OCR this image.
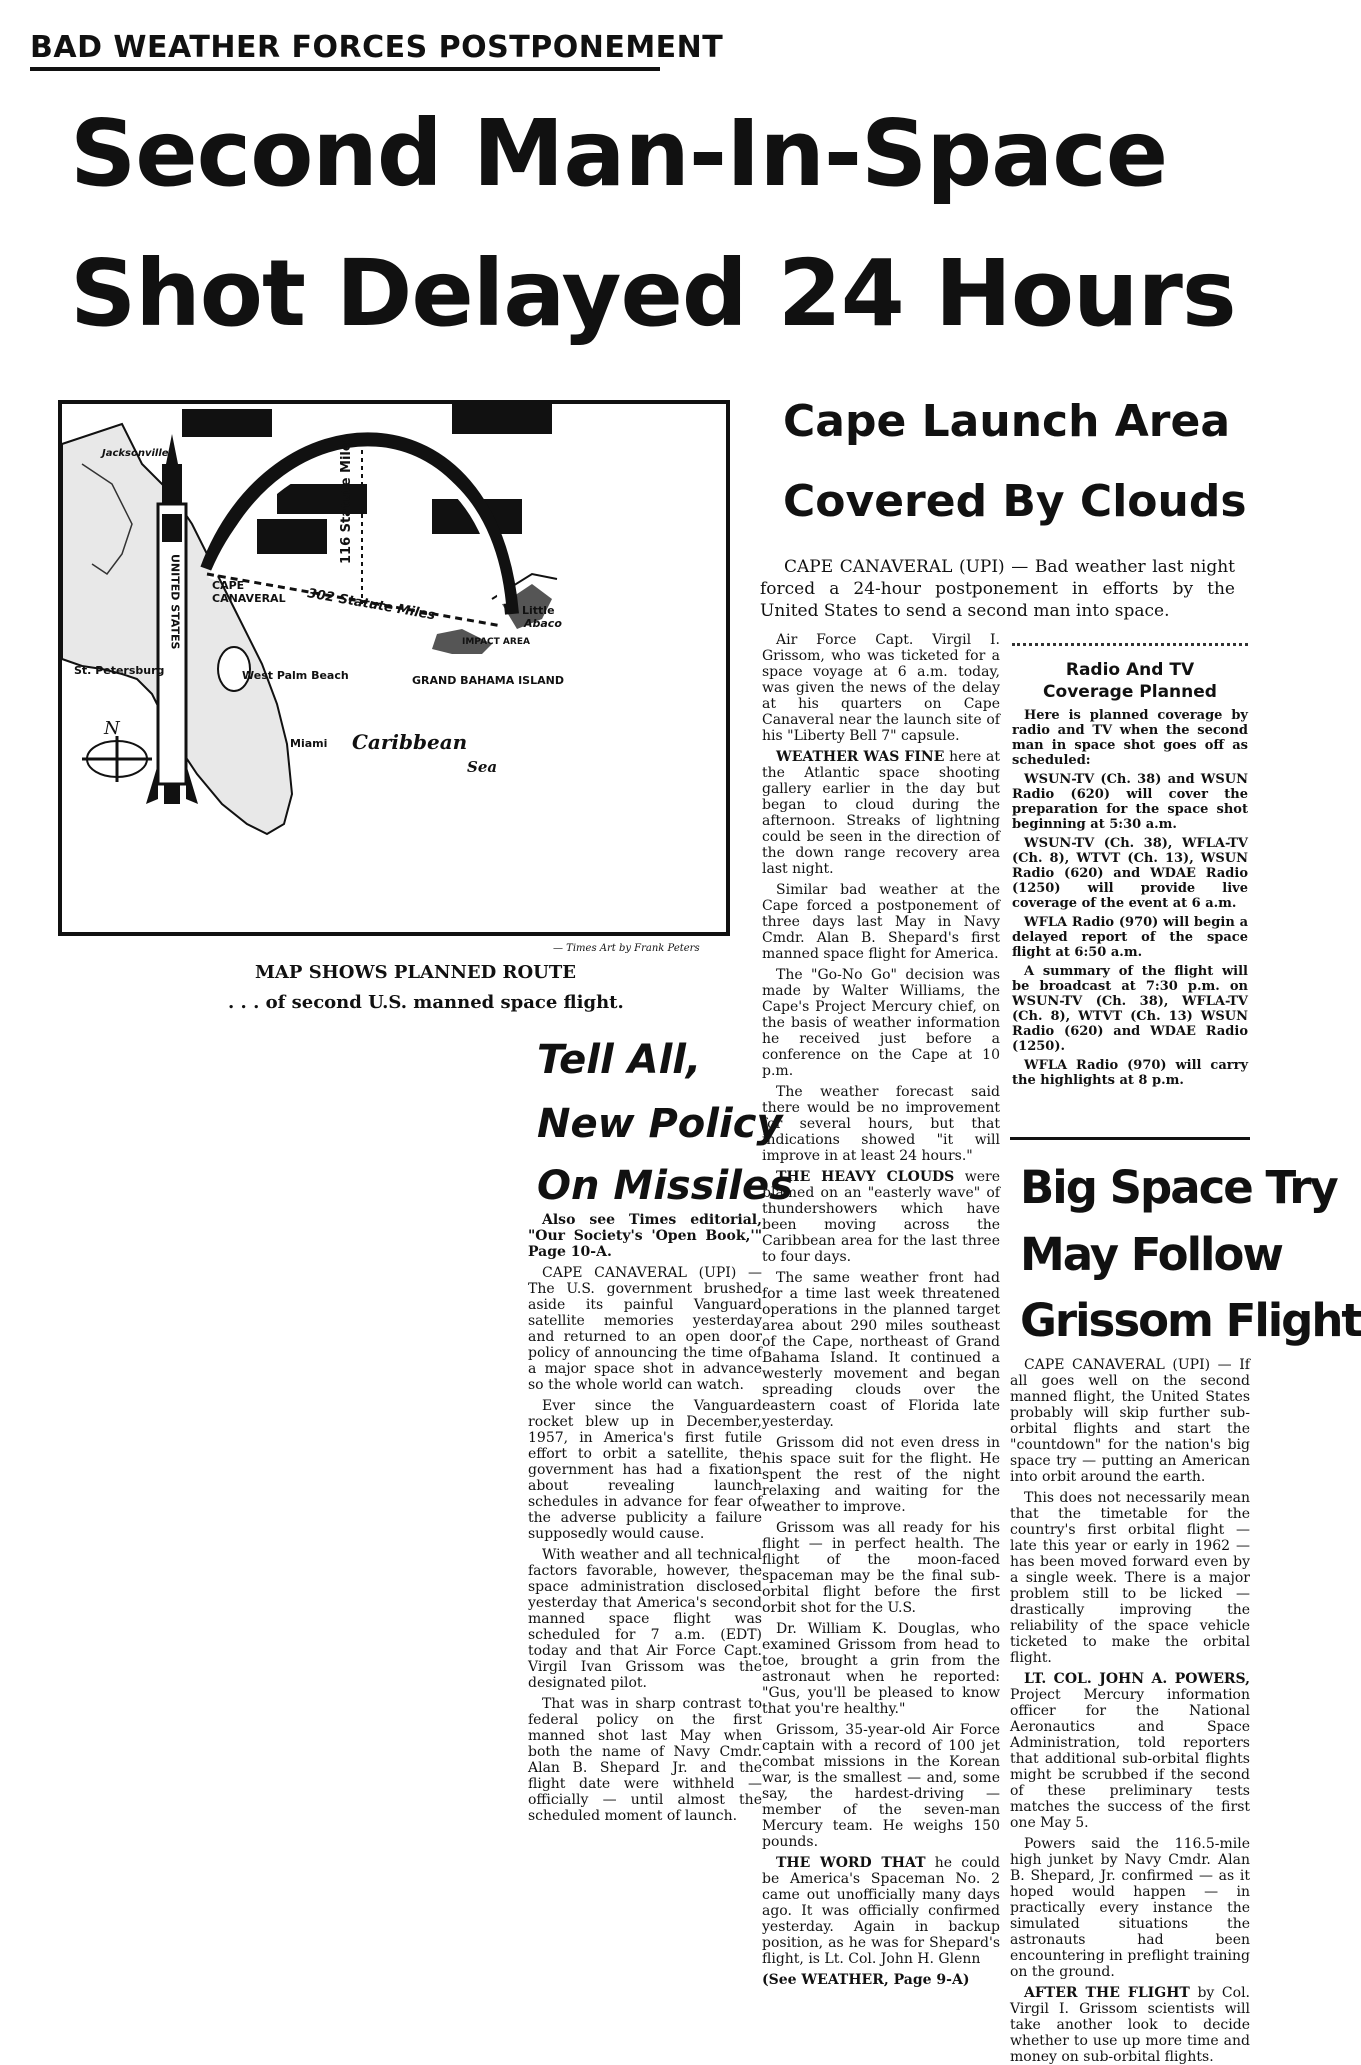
BAD WEATHER FORCES POSTPONEMENT
Second Man-In-Space
Shot Delayed 24 Hours
UNITED STATES
N
CAPE
CANAVERAL 302 Statute Miles
116 Statute Miles
Little
Abaco
IMPACT AREA
GRAND BAHAMA ISLAND
St. Petersburg	West Palm Beach
Miami Caribbean
Sea
Jacksonville
— Times Art by Frank Peters
MAP SHOWS PLANNED ROUTE
. . . of second U.S. manned space flight.
Cape Launch Area
Covered By Clouds

CAPE CANAVERAL (UPI) — Bad weather last night forced a 24-hour postponement in efforts by the United States to send a second man into space.

Air Force Capt. Virgil I. Grissom, who was ticketed for a space voyage at 6 a.m. today, was given the news of the delay at his quarters on Cape Canaveral near the launch site of his "Liberty Bell 7" capsule.

WEATHER WAS FINE here at the Atlantic space shooting gallery earlier in the day but began to cloud during the afternoon. Streaks of lightning could be seen in the direction of the down range recovery area last night.

Similar bad weather at the Cape forced a postponement of three days last May in Navy Cmdr. Alan B. Shepard's first manned space flight for America.

The "Go-No Go" decision was made by Walter Williams, the Cape's Project Mercury chief, on the basis of weather information he received just before a conference on the Cape at 10 p.m.

The weather forecast said there would be no improvement for several hours, but that indications showed "it will improve in at least 24 hours."

THE HEAVY CLOUDS were blamed on an "easterly wave" of thundershowers which have been moving across the Caribbean area for the last three to four days.

The same weather front had for a time last week threatened operations in the planned target area about 290 miles southeast of the Cape, northeast of Grand Bahama Island. It continued a westerly movement and began spreading clouds over the eastern coast of Florida late yesterday.

Grissom did not even dress in his space suit for the flight. He spent the rest of the night relaxing and waiting for the weather to improve.

Grissom was all ready for his flight — in perfect health. The flight of the moon-faced spaceman may be the final sub-orbital flight before the first orbit shot for the U.S.

Dr. William K. Douglas, who examined Grissom from head to toe, brought a grin from the astronaut when he reported: "Gus, you'll be pleased to know that you're healthy."

Grissom, 35-year-old Air Force captain with a record of 100 jet combat missions in the Korean war, is the smallest — and, some say, the hardest-driving — member of the seven-man Mercury team. He weighs 150 pounds.

THE WORD THAT he could be America's Spaceman No. 2 came out unofficially many days ago. It was officially confirmed yesterday. Again in backup position, as he was for Shepard's flight, is Lt. Col. John H. Glenn

(See WEATHER, Page 9-A)

Radio And TV
Coverage Planned

Here is planned coverage by radio and TV when the second man in space shot goes off as scheduled:

WSUN-TV (Ch. 38) and WSUN Radio (620) will cover the preparation for the space shot beginning at 5:30 a.m.

WSUN-TV (Ch. 38), WFLA-TV (Ch. 8), WTVT (Ch. 13), WSUN Radio (620) and WDAE Radio (1250) will provide live coverage of the event at 6 a.m.

WFLA Radio (970) will begin a delayed report of the space flight at 6:50 a.m.

A summary of the flight will be broadcast at 7:30 p.m. on WSUN-TV (Ch. 38), WFLA-TV (Ch. 8), WTVT (Ch. 13) WSUN Radio (620) and WDAE Radio (1250).

WFLA Radio (970) will carry the highlights at 8 p.m.

Tell All,
New Policy
On Missiles

Also see Times editorial, "Our Society's 'Open Book,'" Page 10-A.

CAPE CANAVERAL (UPI) — The U.S. government brushed aside its painful Vanguard satellite memories yesterday and returned to an open door policy of announcing the time of a major space shot in advance so the whole world can watch.

Ever since the Vanguard rocket blew up in December, 1957, in America's first futile effort to orbit a satellite, the government has had a fixation about revealing launch schedules in advance for fear of the adverse publicity a failure supposedly would cause.

With weather and all technical factors favorable, however, the space administration disclosed yesterday that America's second manned space flight was scheduled for 7 a.m. (EDT) today and that Air Force Capt. Virgil Ivan Grissom was the designated pilot.

That was in sharp contrast to federal policy on the first manned shot last May when both the name of Navy Cmdr. Alan B. Shepard Jr. and the flight date were withheld — officially — until almost the scheduled moment of launch.

Big Space Try
May Follow
Grissom Flight

CAPE CANAVERAL (UPI) — If all goes well on the second manned flight, the United States probably will skip further sub-orbital flights and start the "countdown" for the nation's big space try — putting an American into orbit around the earth.

This does not necessarily mean that the timetable for the country's first orbital flight — late this year or early in 1962 — has been moved forward even by a single week. There is a major problem still to be licked — drastically improving the reliability of the space vehicle ticketed to make the orbital flight.

LT. COL. JOHN A. POWERS, Project Mercury information officer for the National Aeronautics and Space Administration, told reporters that additional sub-orbital flights might be scrubbed if the second of these preliminary tests matches the success of the first one May 5.

Powers said the 116.5-mile high junket by Navy Cmdr. Alan B. Shepard, Jr. confirmed — as it hoped would happen — in practically every instance the simulated situations the astronauts had been encountering in preflight training on the ground.

AFTER THE FLIGHT by Col. Virgil I. Grissom scientists will take another look to decide whether to use up more time and money on sub-orbital flights.
